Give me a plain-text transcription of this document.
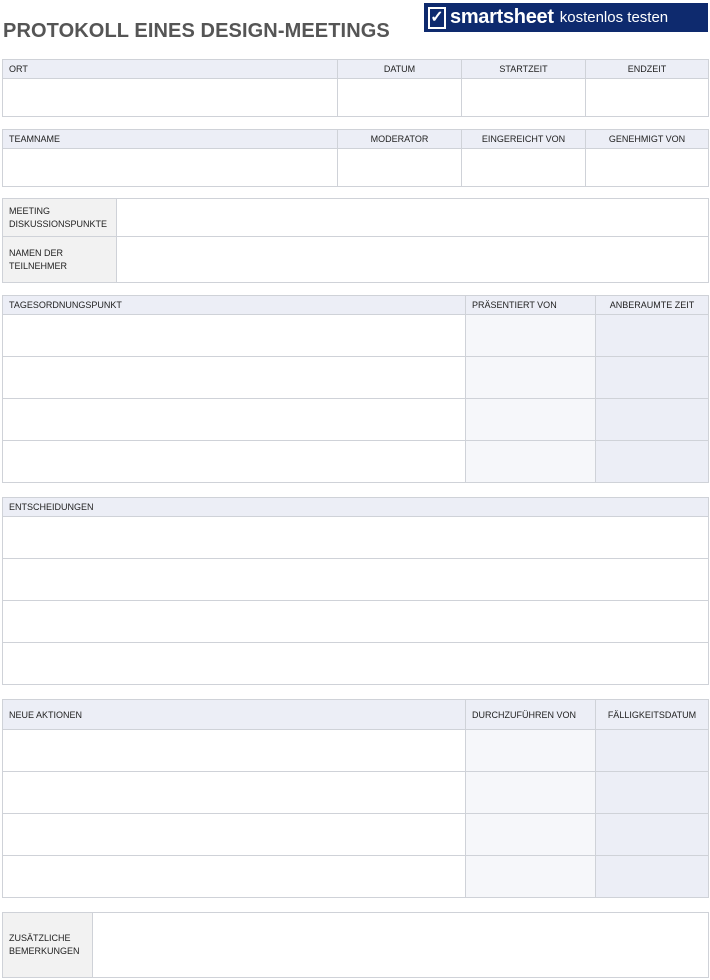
PROTOKOLL EINES DESIGN-MEETINGS
✓ smartsheet kostenlos testen
ORT	DATUM	STARTZEIT	ENDZEIT

TEAMNAME	MODERATOR	EINGEREICHT VON	GENEHMIGT VON

MEETING DISKUSSIONSPUNKTE	
NAMEN DER TEILNEHMER	
TAGESORDNUNGSPUNKT	PRÄSENTIERT VON	ANBERAUMTE ZEIT

ENTSCHEIDUNGEN

NEUE AKTIONEN	DURCHZUFÜHREN VON	FÄLLIGKEITSDATUM

ZUSÄTZLICHE BEMERKUNGEN	
